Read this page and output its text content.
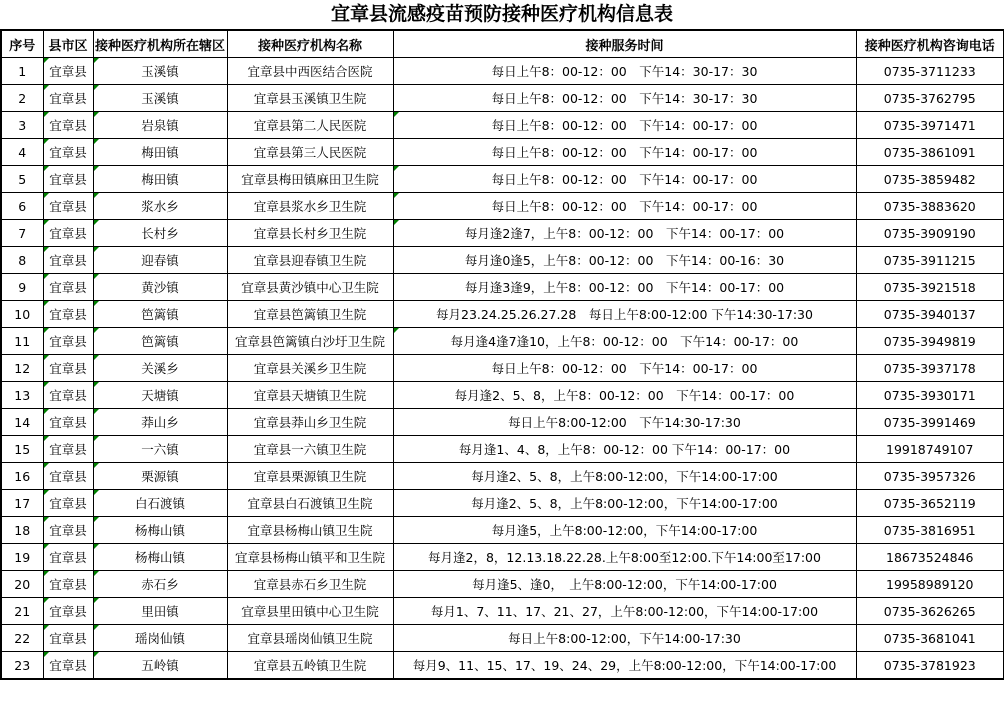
宜章县流感疫苗预防接种医疗机构信息表
序号	县市区	接种医疗机构所在辖区	接种医疗机构名称	接种服务时间	接种医疗机构咨询电话
1	宜章县	玉溪镇	宜章县中西医结合医院	每日上午8：00-12：00　下午14：30-17：30	0735-3711233
2	宜章县	玉溪镇	宜章县玉溪镇卫生院	每日上午8：00-12：00　下午14：30-17：30	0735-3762795
3	宜章县	岩泉镇	宜章县第二人民医院	每日上午8：00-12：00　下午14：00-17：00	0735-3971471
4	宜章县	梅田镇	宜章县第三人民医院	每日上午8：00-12：00　下午14：00-17：00	0735-3861091
5	宜章县	梅田镇	宜章县梅田镇麻田卫生院	每日上午8：00-12：00　下午14：00-17：00	0735-3859482
6	宜章县	浆水乡	宜章县浆水乡卫生院	每日上午8：00-12：00　下午14：00-17：00	0735-3883620
7	宜章县	长村乡	宜章县长村乡卫生院	每月逢2逢7，上午8：00-12：00　下午14：00-17：00	0735-3909190
8	宜章县	迎春镇	宜章县迎春镇卫生院	每月逢0逢5，上午8：00-12：00　下午14：00-16：30	0735-3911215
9	宜章县	黄沙镇	宜章县黄沙镇中心卫生院	每月逢3逢9，上午8：00-12：00　下午14：00-17：00	0735-3921518
10	宜章县	笆篱镇	宜章县笆篱镇卫生院	每月23.24.25.26.27.28　每日上午8:00-12:00 下午14:30-17:30	0735-3940137
11	宜章县	笆篱镇	宜章县笆篱镇白沙圩卫生院	每月逢4逢7逢10，上午8：00-12：00　下午14：00-17：00	0735-3949819
12	宜章县	关溪乡	宜章县关溪乡卫生院	每日上午8：00-12：00　下午14：00-17：00	0735-3937178
13	宜章县	天塘镇	宜章县天塘镇卫生院	每月逢2、5、8，上午8：00-12：00　下午14：00-17：00	0735-3930171
14	宜章县	莽山乡	宜章县莽山乡卫生院	每日上午8:00-12:00　下午14:30-17:30	0735-3991469
15	宜章县	一六镇	宜章县一六镇卫生院	每月逢1、4、8，上午8：00-12：00 下午14：00-17：00	19918749107
16	宜章县	栗源镇	宜章县栗源镇卫生院	每月逢2、5、8，上午8:00-12:00，下午14:00-17:00	0735-3957326
17	宜章县	白石渡镇	宜章县白石渡镇卫生院	每月逢2、5、8，上午8:00-12:00，下午14:00-17:00	0735-3652119
18	宜章县	杨梅山镇	宜章县杨梅山镇卫生院	每月逢5，上午8:00-12:00，下午14:00-17:00	0735-3816951
19	宜章县	杨梅山镇	宜章县杨梅山镇平和卫生院	每月逢2，8，12.13.18.22.28.上午8:00至12:00.下午14:00至17:00	18673524846
20	宜章县	赤石乡	宜章县赤石乡卫生院	每月逢5、逢0，　上午8:00-12:00，下午14:00-17:00	19958989120
21	宜章县	里田镇	宜章县里田镇中心卫生院	每月1、7、11、17、21、27，上午8:00-12:00，下午14:00-17:00	0735-3626265
22	宜章县	瑶岗仙镇	宜章县瑶岗仙镇卫生院	每日上午8:00-12:00，下午14:00-17:30	0735-3681041
23	宜章县	五岭镇	宜章县五岭镇卫生院	每月9、11、15、17、19、24、29，上午8:00-12:00，下午14:00-17:00	0735-3781923
